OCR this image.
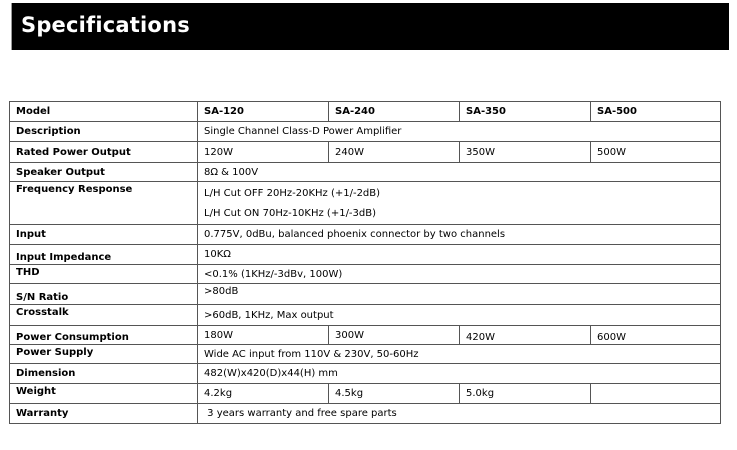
Specifications
Model	SA-120	SA-240	SA-350	SA-500
Description	Single Channel Class-D Power Amplifier			
Rated Power Output	120W	240W	350W	500W
Speaker Output	8Ω & 100V			
Frequency Response	L/H Cut OFF 20Hz-20KHz (+1/-2dB)
L/H Cut ON 70Hz-10KHz (+1/-3dB)			

Input	0.775V, 0dBu, balanced phoenix connector by two channels			
Input Impedance	10KΩ			
THD	<0.1% (1KHz/-3dBv, 100W)			
S/N Ratio	>80dB			
Crosstalk	>60dB, 1KHz, Max output			
Power Consumption	180W	300W	420W	600W
Power Supply	Wide AC input from 110V & 230V, 50-60Hz			
Dimension	482(W)x420(D)x44(H) mm			
Weight	4.2kg	4.5kg	5.0kg	
Warranty	3 years warranty and free spare parts			
